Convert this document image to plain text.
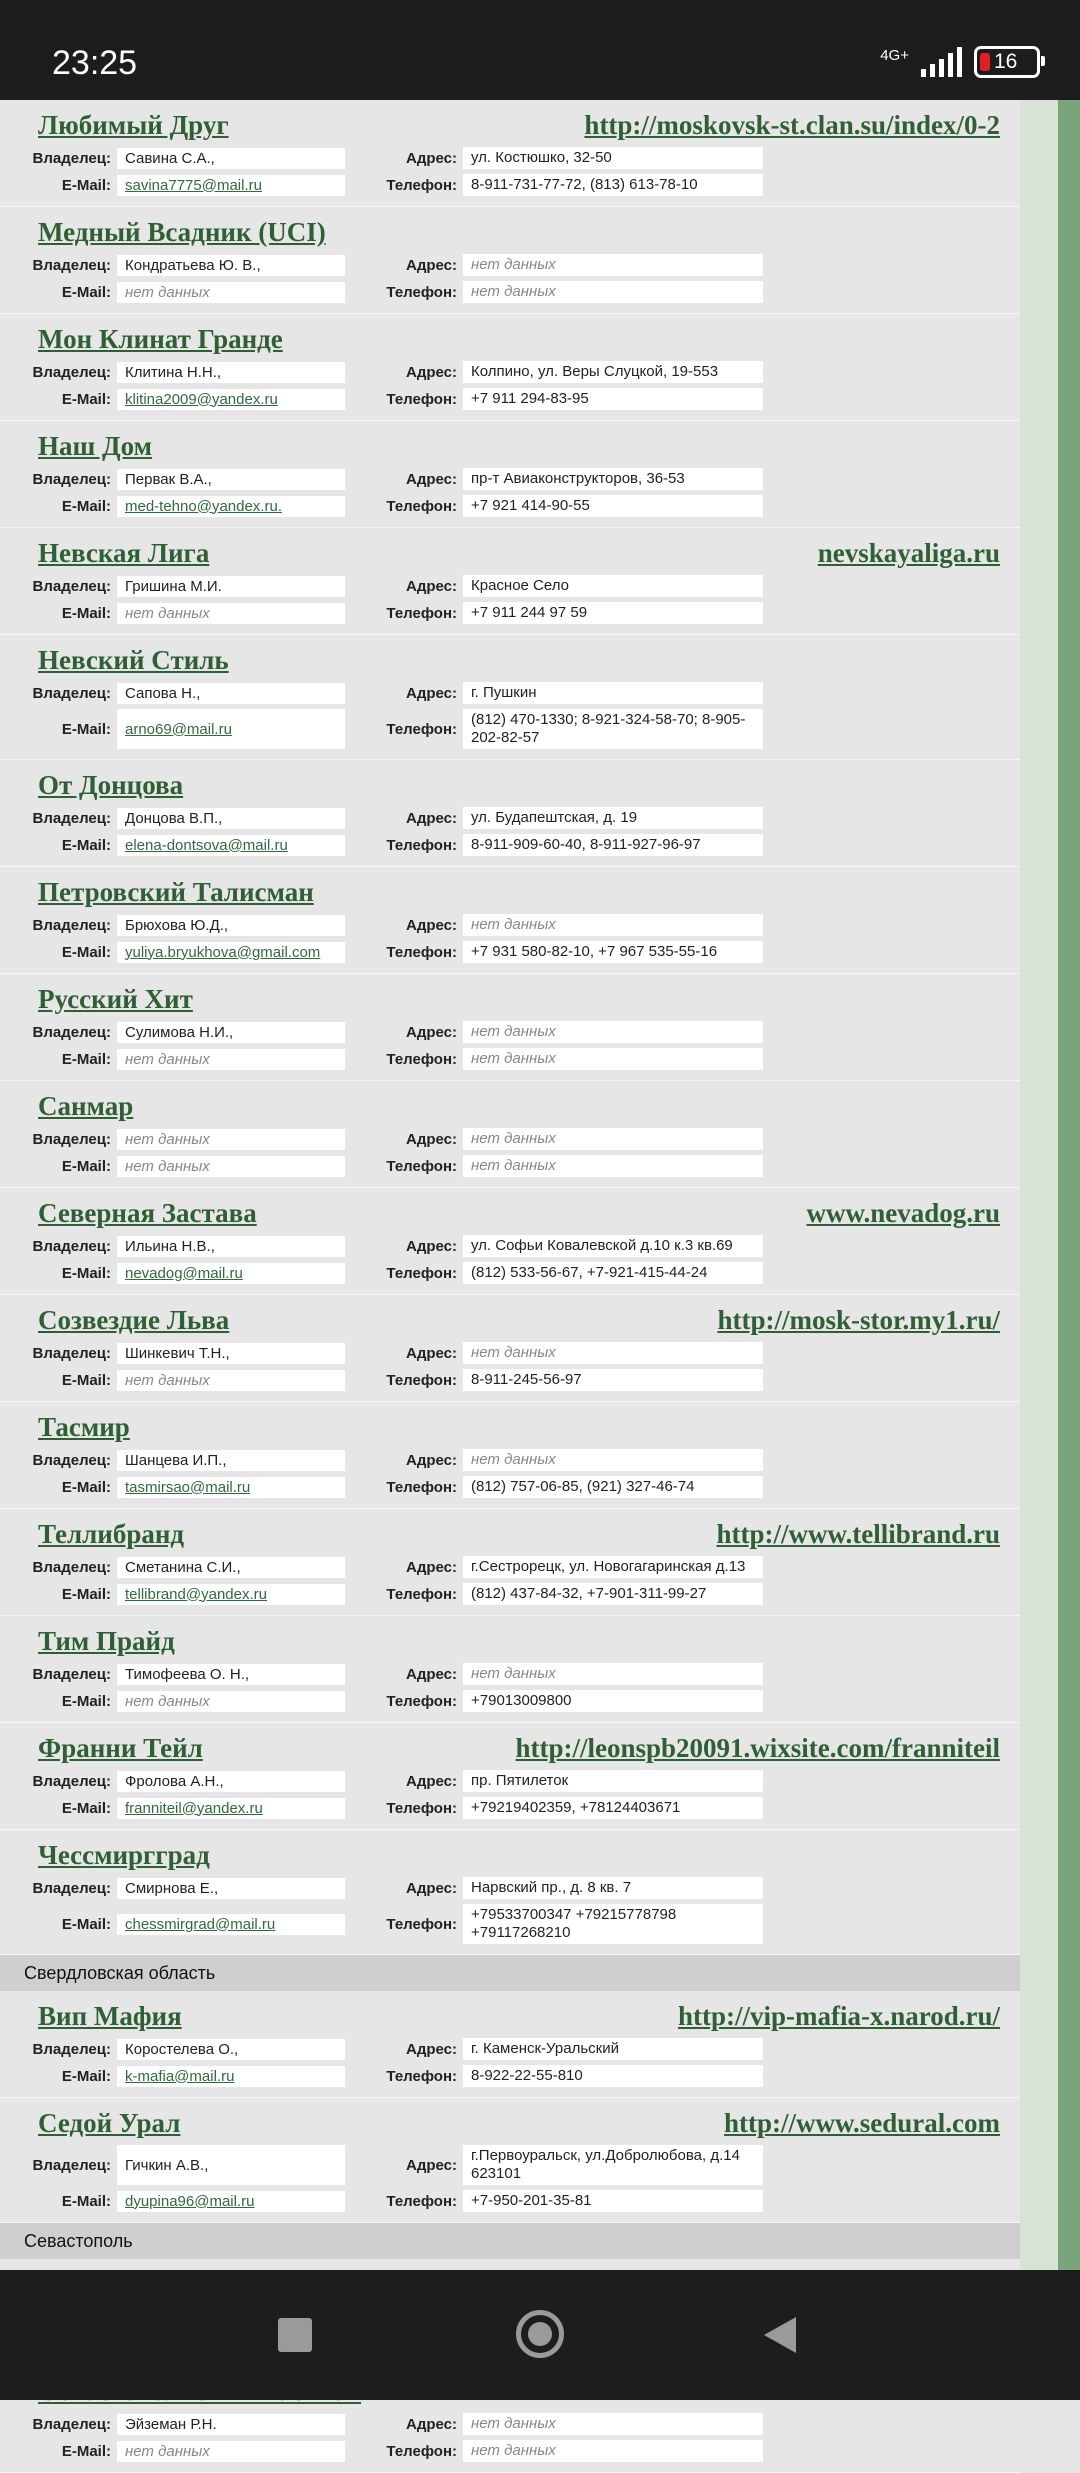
23:25	4G+	16
Любимый Друг	http://moskovsk-st.clan.su/index/0-2
Владелец: Савина С.А.,	Адрес: ул. Костюшко, 32-50
E-Mail: savina7775@mail.ru	Телефон: 8-911-731-77-72, (813) 613-78-10
Медный Всадник (UCI)
Владелец: Кондратьева Ю. В.,	Адрес: нет данных
E-Mail: нет данных	Телефон: нет данных
Мон Клинат Гранде
Владелец: Клитина Н.Н.,	Адрес: Колпино, ул. Веры Слуцкой, 19-553
E-Mail: klitina2009@yandex.ru	Телефон: +7 911 294-83-95
Наш Дом
Владелец: Первак В.А.,	Адрес: пр-т Авиаконструкторов, 36-53
E-Mail: med-tehno@yandex.ru.	Телефон: +7 921 414-90-55
Невская Лига	nevskayaliga.ru
Владелец: Гришина М.И.	Адрес: Красное Село
E-Mail: нет данных	Телефон: +7 911 244 97 59
Невский Стиль
Владелец: Сапова Н.,	Адрес: г. Пушкин
E-Mail: arno69@mail.ru	Телефон:
(812) 470-1330; 8-921-324-58-70; 8-905-202-82-57
От Донцова
Владелец: Донцова В.П.,	Адрес: ул. Будапештская, д. 19
E-Mail: elena-dontsova@mail.ru	Телефон: 8-911-909-60-40, 8-911-927-96-97
Петровский Талисман
Владелец: Брюхова Ю.Д.,	Адрес: нет данных
E-Mail: yuliya.bryukhova@gmail.com	Телефон: +7 931 580-82-10, +7 967 535-55-16
Русский Хит
Владелец: Сулимова Н.И.,	Адрес: нет данных
E-Mail: нет данных	Телефон: нет данных
Санмар
Владелец: нет данных	Адрес: нет данных
E-Mail: нет данных	Телефон: нет данных
Северная Застава	www.nevadog.ru
Владелец: Ильина Н.В.,	Адрес: ул. Софьи Ковалевской д.10 к.3 кв.69
E-Mail: nevadog@mail.ru	Телефон: (812) 533-56-67, +7-921-415-44-24
Созвездие Льва	http://mosk-stor.my1.ru/
Владелец: Шинкевич Т.Н.,	Адрес: нет данных
E-Mail: нет данных	Телефон: 8-911-245-56-97
Тасмир
Владелец: Шанцева И.П.,	Адрес: нет данных
E-Mail: tasmirsao@mail.ru	Телефон: (812) 757-06-85, (921) 327-46-74
Теллибранд	http://www.tellibrand.ru
Владелец: Сметанина С.И.,	Адрес: г.Сестрорецк, ул. Новогагаринская д.13
E-Mail: tellibrand@yandex.ru	Телефон: (812) 437-84-32, +7-901-311-99-27
Тим Прайд
Владелец: Тимофеева О. Н.,	Адрес: нет данных
E-Mail: нет данных	Телефон: +79013009800
Франни Тейл	http://leonspb20091.wixsite.com/franniteil
Владелец: Фролова А.Н.,	Адрес: пр. Пятилеток
E-Mail: franniteil@yandex.ru	Телефон: +79219402359, +78124403671
Чессмиргград
Владелец: Смирнова Е.,	Адрес: Нарвский пр., д. 8 кв. 7
E-Mail: chessmirgrad@mail.ru	Телефон:
+79533700347 +79215778798 +79117268210
Свердловская область
Вип Мафия	http://vip-mafia-x.narod.ru/
Владелец: Коростелева О.,	Адрес: г. Каменск-Уральский
E-Mail: k-mafia@mail.ru	Телефон: 8-922-22-55-810
Седой Урал	http://www.sedural.com
Владелец: Гичкин А.В.,	Адрес:
г.Первоуральск, ул.Добролюбова, д.14 623101
E-Mail: dyupina96@mail.ru	Телефон: +7-950-201-35-81
Севастополь
Владелец: Эйземан Р.Н.	Адрес: нет данных
E-Mail: нет данных	Телефон: нет данных
